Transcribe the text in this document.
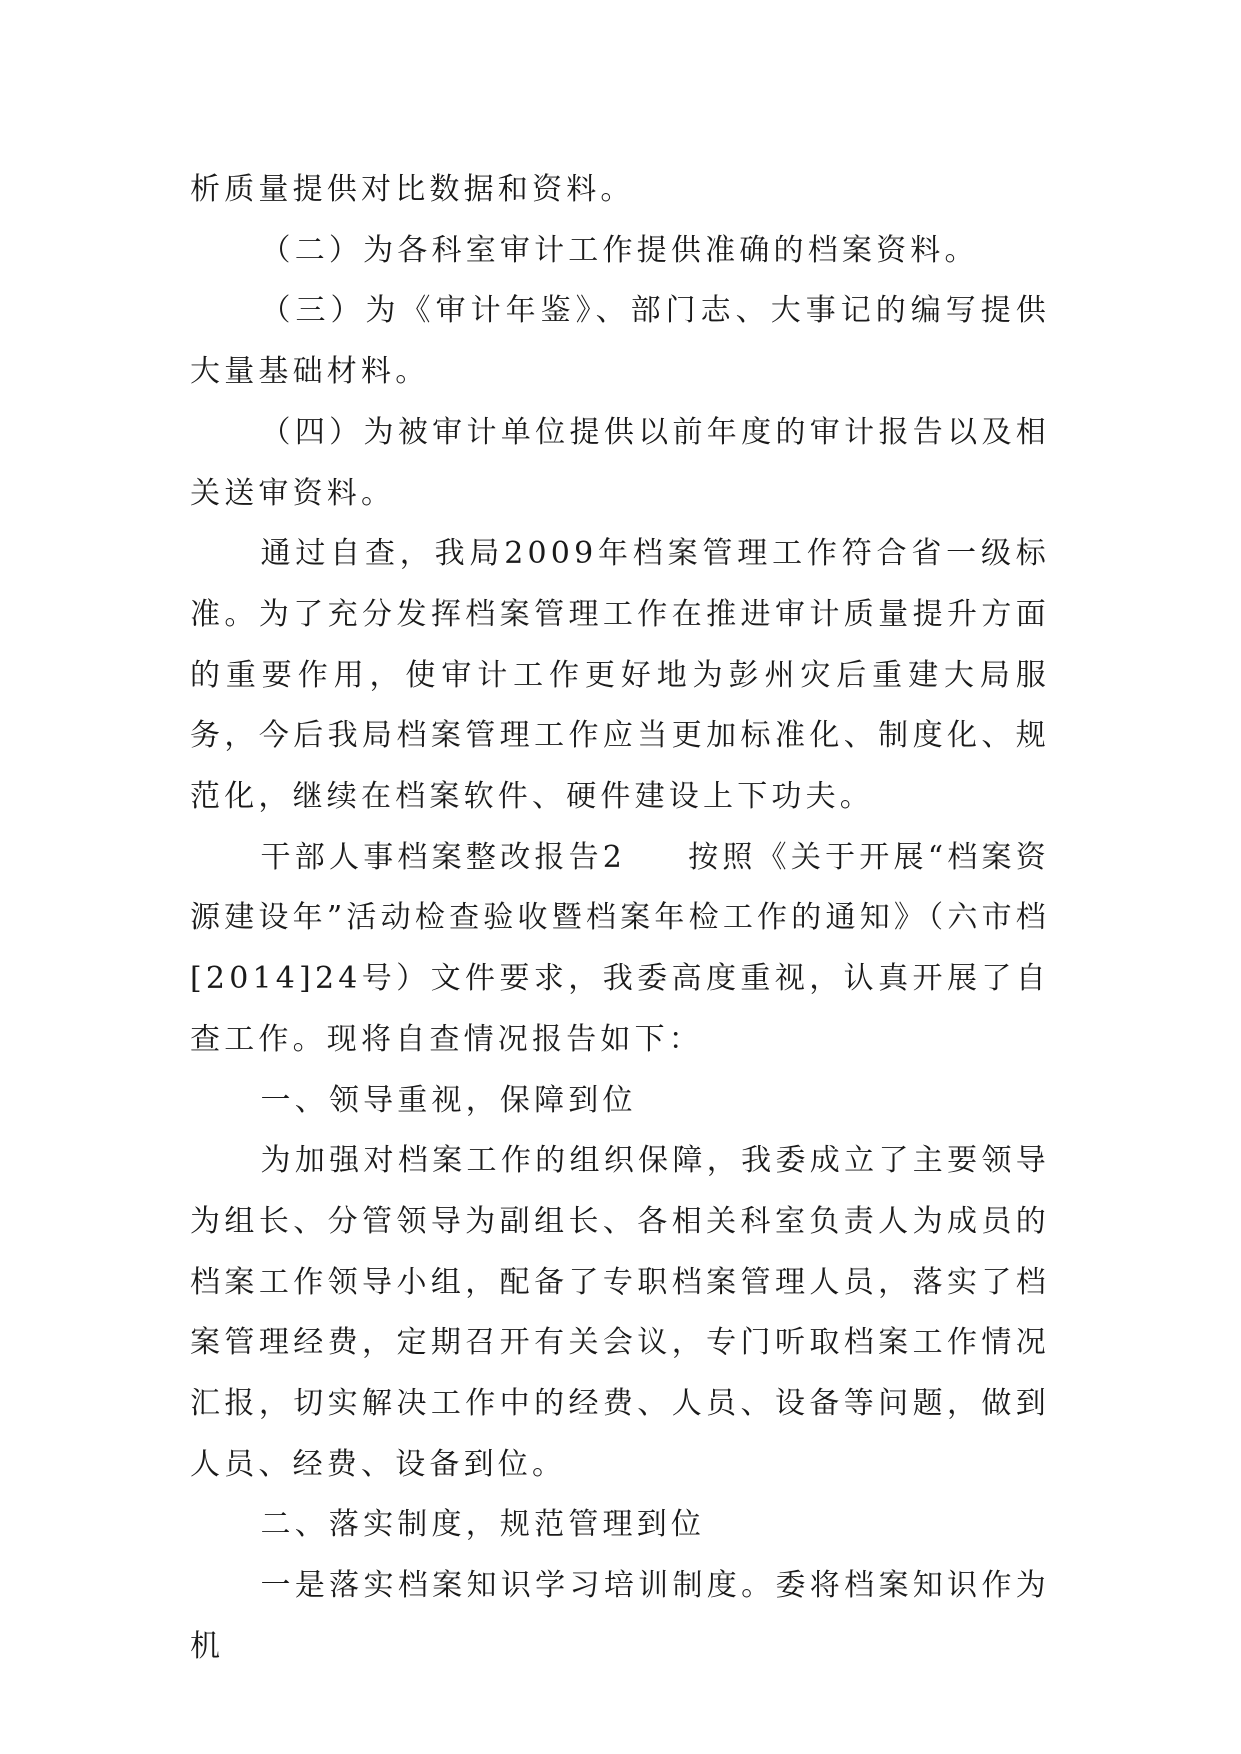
析质量提供对比数据和资料。

（二）为各科室审计工作提供准确的档案资料。

（三）为《审计年鉴》、部门志、大事记的编写提供大量基础材料。

（四）为被审计单位提供以前年度的审计报告以及相关送审资料。

通过自查，我局2009年档案管理工作符合省一级标准。为了充分发挥档案管理工作在推进审计质量提升方面的重要作用，使审计工作更好地为彭州灾后重建大局服务，今后我局档案管理工作应当更加标准化、制度化、规范化，继续在档案软件、硬件建设上下功夫。

干部人事档案整改报告2 按照《关于开展“档案资源建设年”活动检查验收暨档案年检工作的通知》（六市档[2014]24号）文件要求，我委高度重视，认真开展了自查工作。现将自查情况报告如下：

一、领导重视，保障到位

为加强对档案工作的组织保障，我委成立了主要领导为组长、分管领导为副组长、各相关科室负责人为成员的档案工作领导小组，配备了专职档案管理人员，落实了档案管理经费，定期召开有关会议，专门听取档案工作情况汇报，切实解决工作中的经费、人员、设备等问题，做到人员、经费、设备到位。

二、落实制度，规范管理到位

一是落实档案知识学习培训制度。委将档案知识作为机
